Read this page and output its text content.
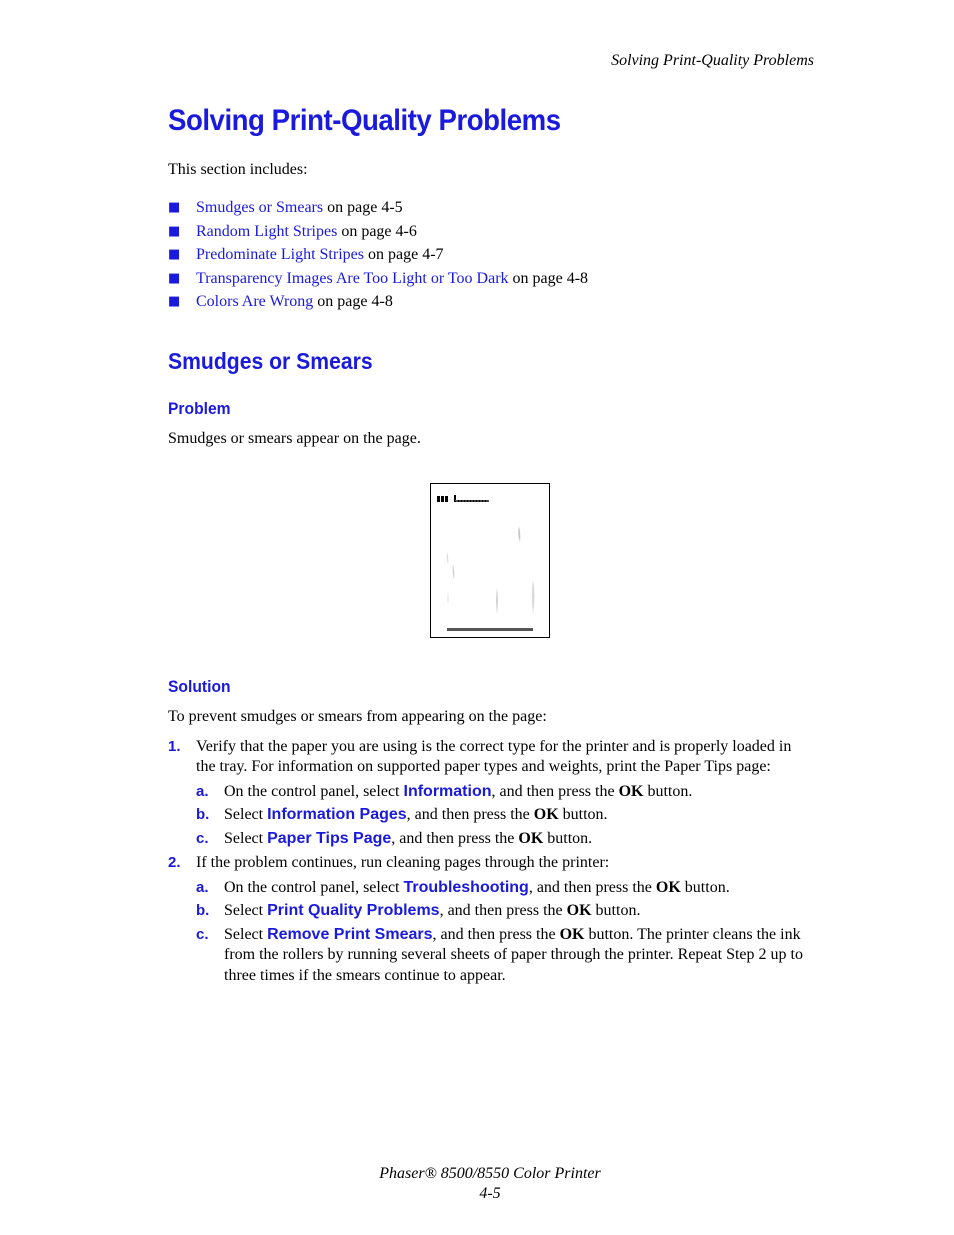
Solving Print-Quality Problems
Solving Print-Quality Problems

This section includes:

■ Smudges or Smears on page 4-5
■ Random Light Stripes on page 4-6
■ Predominate Light Stripes on page 4-7
■ Transparency Images Are Too Light or Too Dark on page 4-8
■ Colors Are Wrong on page 4-8
Smudges or Smears
Problem

Smudges or smears appear on the page.

Solution

To prevent smudges or smears from appearing on the page:

1. Verify that the paper you are using is the correct type for the printer and is properly loaded in the tray. For information on supported paper types and weights, print the Paper Tips page:
a. On the control panel, select Information, and then press the OK button.
b. Select Information Pages, and then press the OK button.
c. Select Paper Tips Page, and then press the OK button.
2. If the problem continues, run cleaning pages through the printer:
a. On the control panel, select Troubleshooting, and then press the OK button.
b. Select Print Quality Problems, and then press the OK button.
c. Select Remove Print Smears, and then press the OK button. The printer cleans the ink from the rollers by running several sheets of paper through the printer. Repeat Step 2 up to three times if the smears continue to appear.
Phaser® 8500/8550 Color Printer
4-5
